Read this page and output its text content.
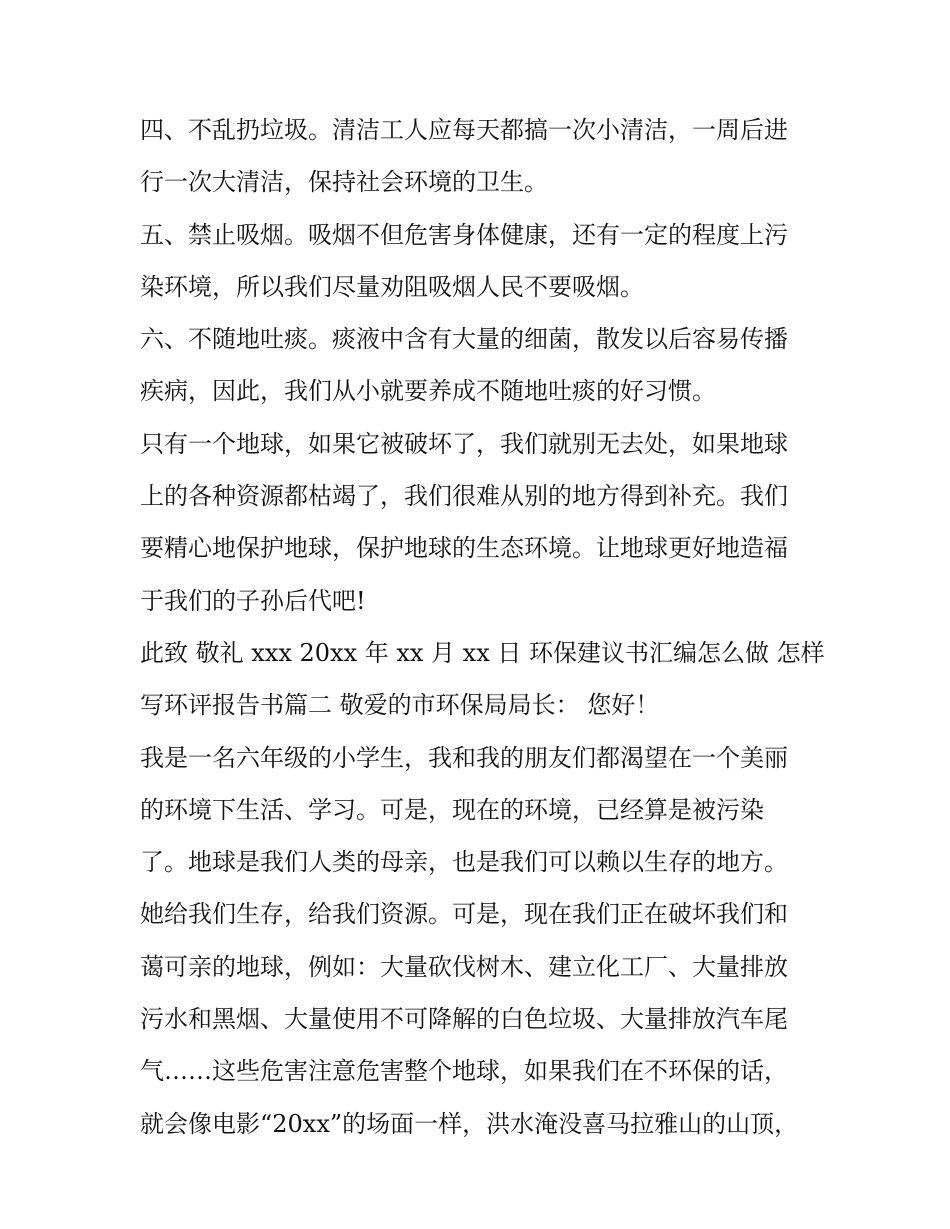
四、不乱扔垃圾。清洁工人应每天都搞一次小清洁，一周后进
行一次大清洁，保持社会环境的卫生。
五、禁止吸烟。吸烟不但危害身体健康，还有一定的程度上污
染环境，所以我们尽量劝阻吸烟人民不要吸烟。
六、不随地吐痰。痰液中含有大量的细菌，散发以后容易传播
疾病，因此，我们从小就要养成不随地吐痰的好习惯。
只有一个地球，如果它被破坏了，我们就别无去处，如果地球
上的各种资源都枯竭了，我们很难从别的地方得到补充。我们
要精心地保护地球，保护地球的生态环境。让地球更好地造福
于我们的子孙后代吧!
此致 敬礼 xxx 20xx 年 xx 月 xx 日 环保建议书汇编怎么做 怎样
写环评报告书篇二 敬爱的市环保局局长： 您好！
我是一名六年级的小学生，我和我的朋友们都渴望在一个美丽
的环境下生活、学习。可是，现在的环境，已经算是被污染
了。地球是我们人类的母亲，也是我们可以赖以生存的地方。
她给我们生存，给我们资源。可是，现在我们正在破坏我们和
蔼可亲的地球，例如：大量砍伐树木、建立化工厂、大量排放
污水和黑烟、大量使用不可降解的白色垃圾、大量排放汽车尾
气……这些危害注意危害整个地球，如果我们在不环保的话，
就会像电影“20xx”的场面一样，洪水淹没喜马拉雅山的山顶，
